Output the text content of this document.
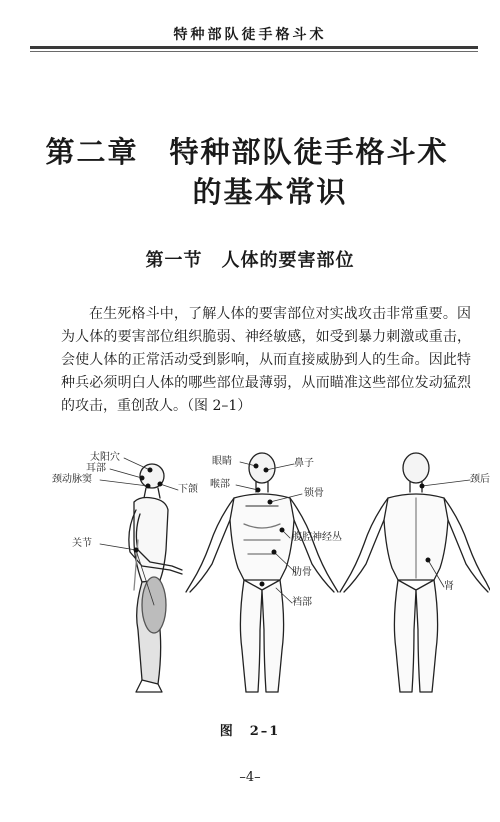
特种部队徒手格斗术
第二章　特种部队徒手格斗术
的基本常识
第一节　人体的要害部位

在生死格斗中，了解人体的要害部位对实战攻击非常重要。因为人体的要害部位组织脆弱、神经敏感，如受到暴力刺激或重击，会使人体的正常活动受到影响，从而直接威胁到人的生命。因此特种兵必须明白人体的哪些部位最薄弱，从而瞄准这些部位发动猛烈的攻击，重创敌人。（图 2–1）

太阳穴
耳部
颈动脉窦
下颌
关节
眼睛	鼻子
喉部
锁骨
腹腔神经丛
肋骨
裆部
颈后
肾
图　2–1
–4–
